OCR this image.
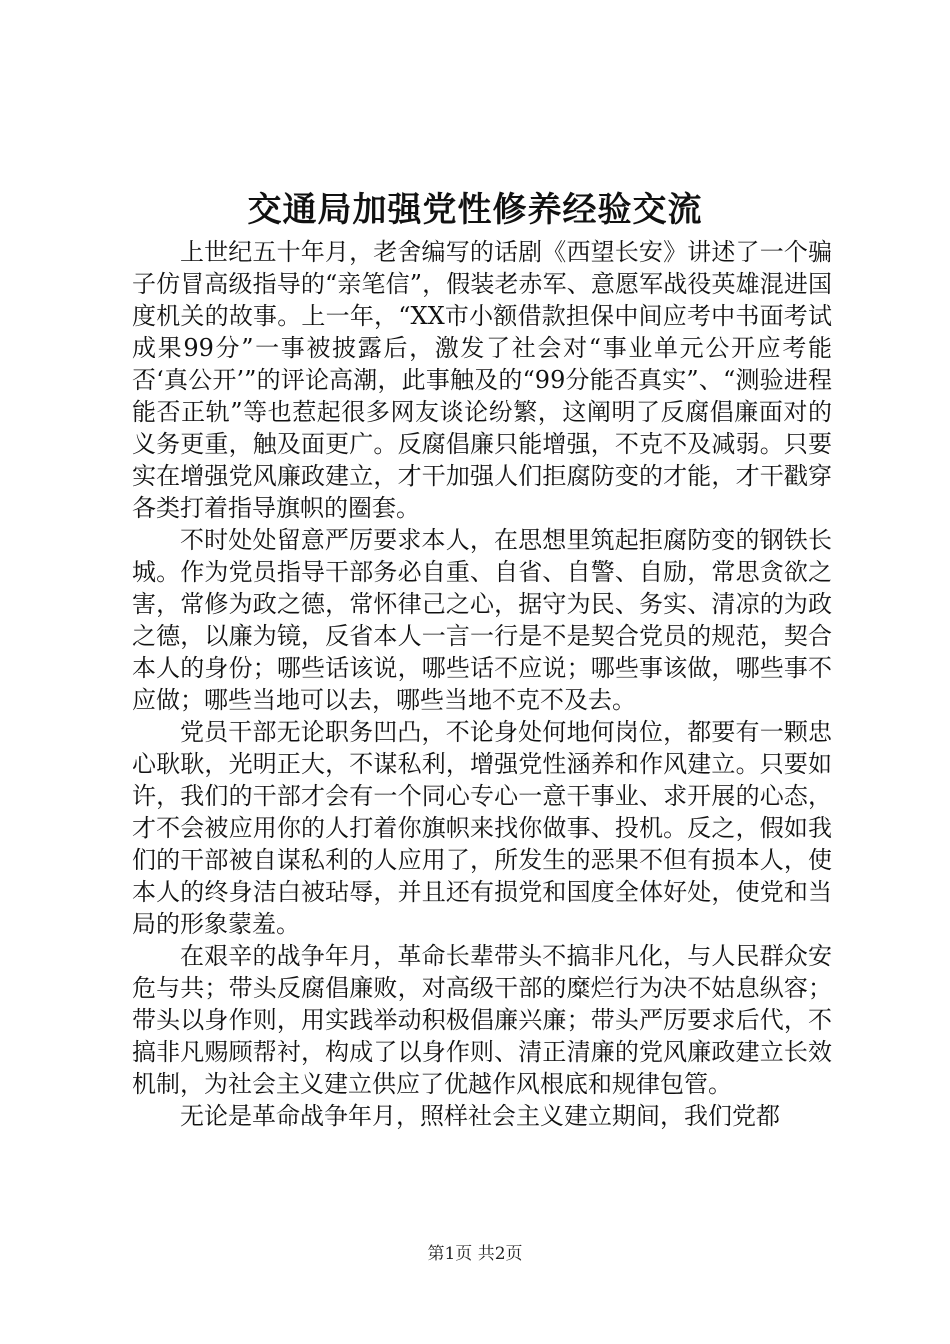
交通局加强党性修养经验交流

上世纪五十年月，老舍编写的话剧《西望长安》讲述了一个骗子仿冒高级指导的“亲笔信”，假装老赤军、意愿军战役英雄混进国度机关的故事。上一年，“XX市小额借款担保中间应考中书面考试成果99分”一事被披露后，激发了社会对“事业单元公开应考能否‘真公开’”的评论高潮，此事触及的“99分能否真实”、“测验进程能否正轨”等也惹起很多网友谈论纷繁，这阐明了反腐倡廉面对的义务更重，触及面更广。反腐倡廉只能增强，不克不及减弱。只要实在增强党风廉政建立，才干加强人们拒腐防变的才能，才干戳穿各类打着指导旗帜的圈套。

不时处处留意严厉要求本人，在思想里筑起拒腐防变的钢铁长城。作为党员指导干部务必自重、自省、自警、自励，常思贪欲之害，常修为政之德，常怀律己之心，据守为民、务实、清凉的为政之德，以廉为镜，反省本人一言一行是不是契合党员的规范，契合本人的身份；哪些话该说，哪些话不应说；哪些事该做，哪些事不应做；哪些当地可以去，哪些当地不克不及去。

党员干部无论职务凹凸，不论身处何地何岗位，都要有一颗忠心耿耿，光明正大，不谋私利，增强党性涵养和作风建立。只要如许，我们的干部才会有一个同心专心一意干事业、求开展的心态，才不会被应用你的人打着你旗帜来找你做事、投机。反之，假如我们的干部被自谋私利的人应用了，所发生的恶果不但有损本人，使本人的终身洁白被玷辱，并且还有损党和国度全体好处，使党和当局的形象蒙羞。

在艰辛的战争年月，革命长辈带头不搞非凡化，与人民群众安危与共；带头反腐倡廉败，对高级干部的糜烂行为决不姑息纵容；带头以身作则，用实践举动积极倡廉兴廉；带头严厉要求后代，不搞非凡赐顾帮衬，构成了以身作则、清正清廉的党风廉政建立长效机制，为社会主义建立供应了优越作风根底和规律包管。

无论是革命战争年月，照样社会主义建立期间，我们党都

第1页 共2页
